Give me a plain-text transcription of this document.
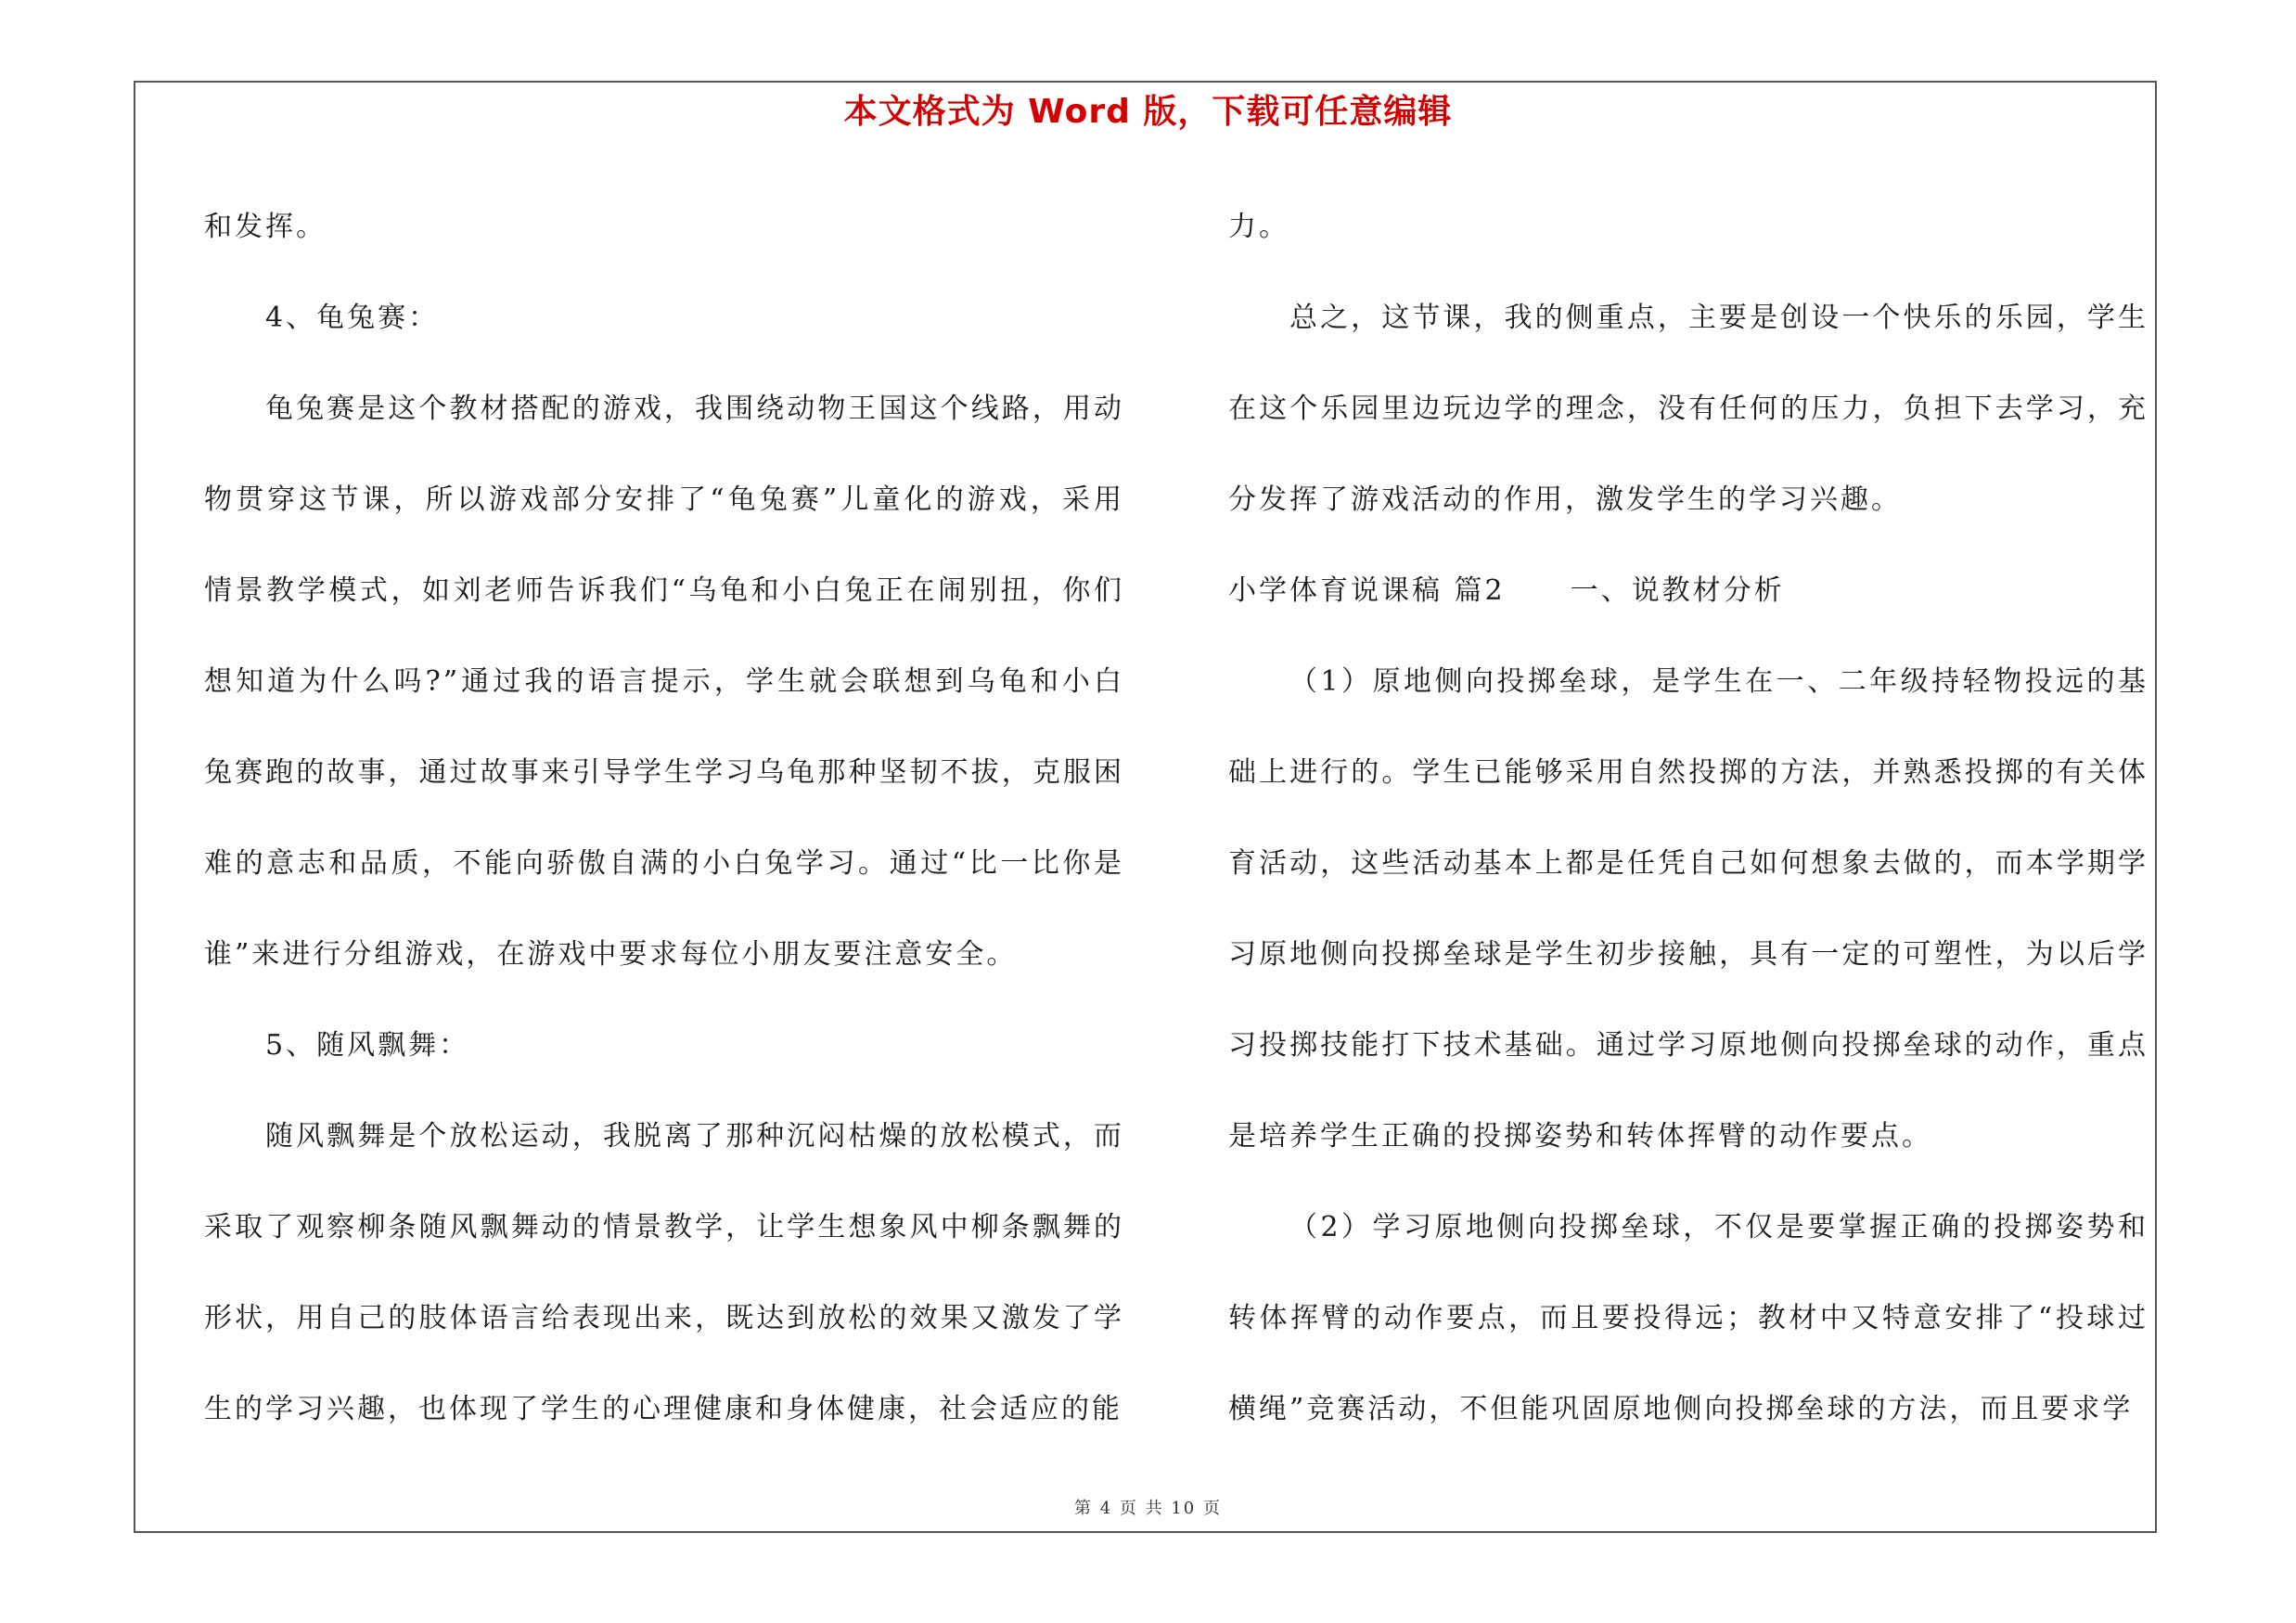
本文格式为 Word 版，下载可任意编辑

和发挥。

4、龟兔赛：

龟兔赛是这个教材搭配的游戏，我围绕动物王国这个线路，用动物贯穿这节课，所以游戏部分安排了“龟兔赛”儿童化的游戏，采用情景教学模式，如刘老师告诉我们“乌龟和小白兔正在闹别扭，你们想知道为什么吗?”通过我的语言提示，学生就会联想到乌龟和小白兔赛跑的故事，通过故事来引导学生学习乌龟那种坚韧不拔，克服困难的意志和品质，不能向骄傲自满的小白兔学习。通过“比一比你是谁”来进行分组游戏，在游戏中要求每位小朋友要注意安全。

5、随风飘舞：

随风飘舞是个放松运动，我脱离了那种沉闷枯燥的放松模式，而采取了观察柳条随风飘舞动的情景教学，让学生想象风中柳条飘舞的形状，用自己的肢体语言给表现出来，既达到放松的效果又激发了学生的学习兴趣，也体现了学生的心理健康和身体健康，社会适应的能

力。

总之，这节课，我的侧重点，主要是创设一个快乐的乐园，学生在这个乐园里边玩边学的理念，没有任何的压力，负担下去学习，充分发挥了游戏活动的作用，激发学生的学习兴趣。

小学体育说课稿 篇2 一、说教材分析

（1）原地侧向投掷垒球，是学生在一、二年级持轻物投远的基础上进行的。学生已能够采用自然投掷的方法，并熟悉投掷的有关体育活动，这些活动基本上都是任凭自己如何想象去做的，而本学期学习原地侧向投掷垒球是学生初步接触，具有一定的可塑性，为以后学习投掷技能打下技术基础。通过学习原地侧向投掷垒球的动作，重点是培养学生正确的投掷姿势和转体挥臂的动作要点。

（2）学习原地侧向投掷垒球，不仅是要掌握正确的投掷姿势和转体挥臂的动作要点，而且要投得远；教材中又特意安排了“投球过横绳”竞赛活动，不但能巩固原地侧向投掷垒球的方法，而且要求学

第 4 页 共 10 页
